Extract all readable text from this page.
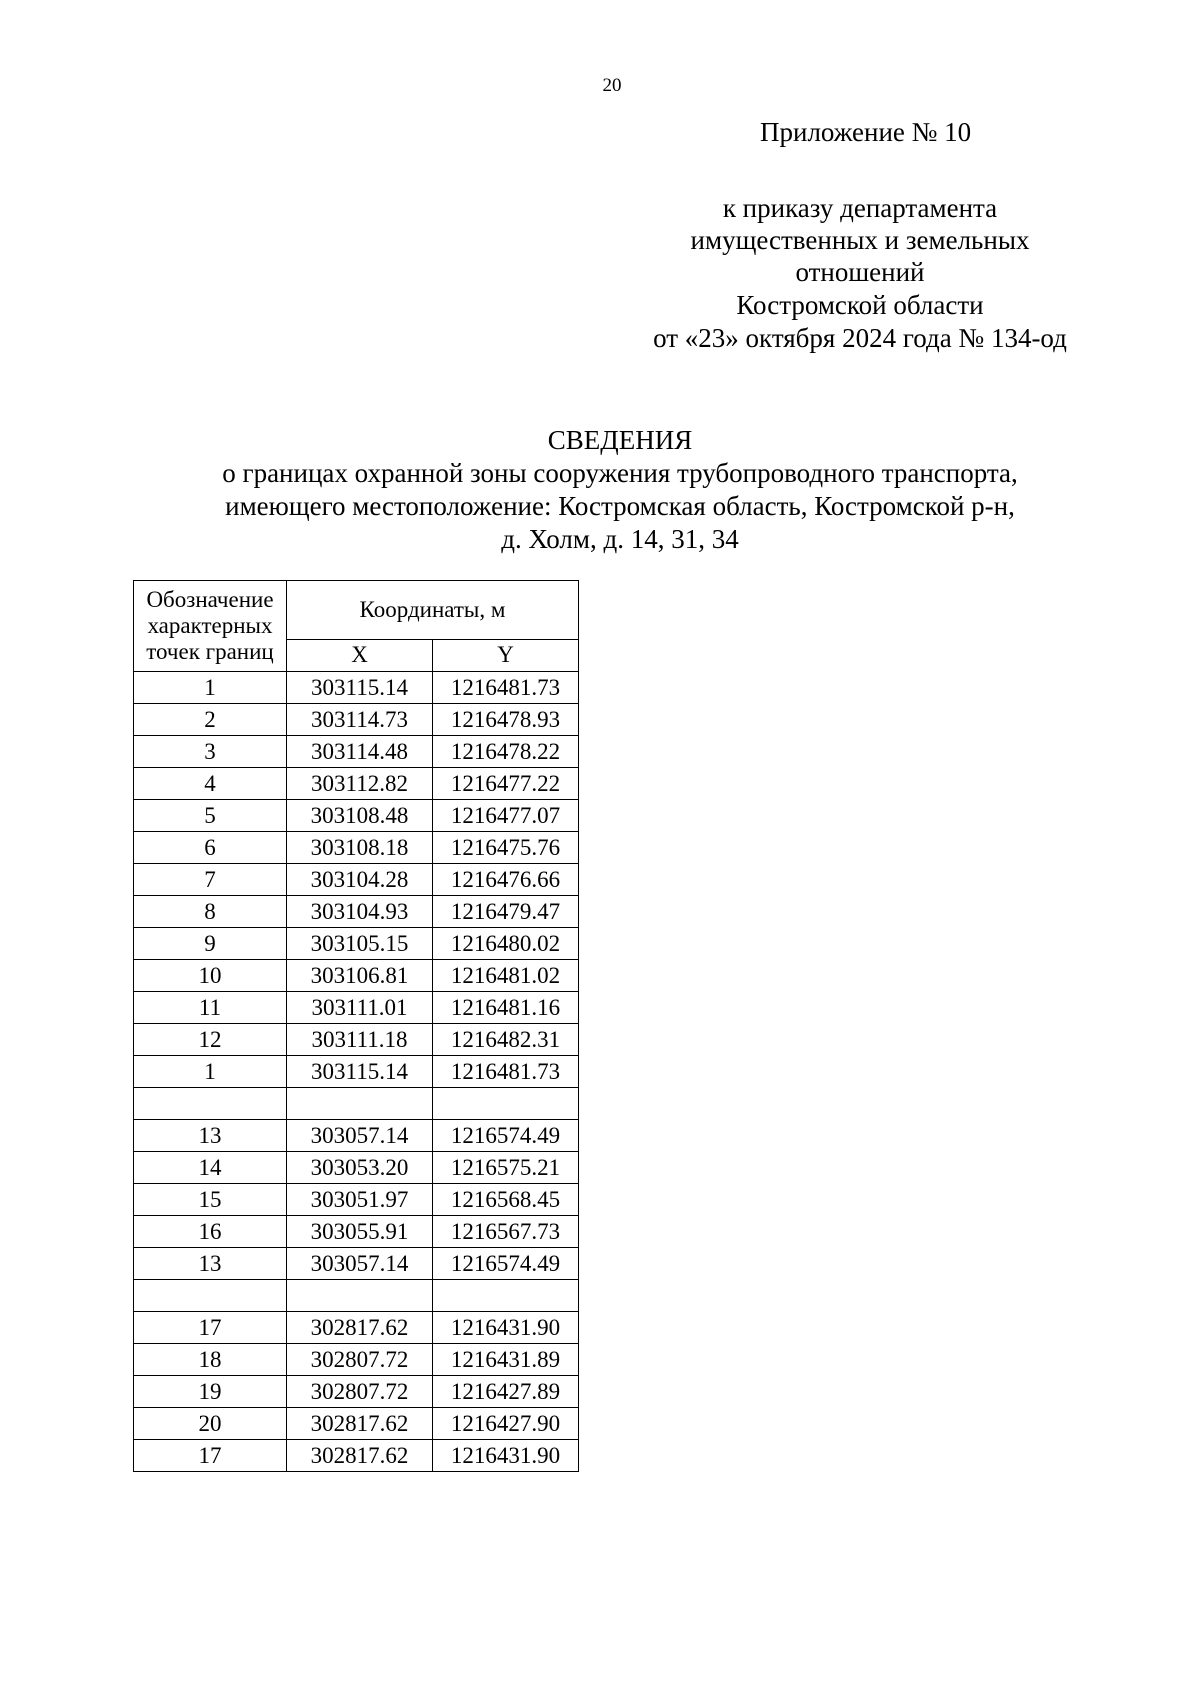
20
Приложение № 10
к приказу департамента
имущественных и земельных
отношений
Костромской области
от «23» октября 2024 года № 134-од
СВЕДЕНИЯ
о границах охранной зоны сооружения трубопроводного транспорта,
имеющего местоположение: Костромская область, Костромской р-н,
д. Холм, д. 14, 31, 34
Обозначение характерных точек границ	Координаты, м	
	X	Y
1	303115.14	1216481.73
2	303114.73	1216478.93
3	303114.48	1216478.22
4	303112.82	1216477.22
5	303108.48	1216477.07
6	303108.18	1216475.76
7	303104.28	1216476.66
8	303104.93	1216479.47
9	303105.15	1216480.02
10	303106.81	1216481.02
11	303111.01	1216481.16
12	303111.18	1216482.31
1	303115.14	1216481.73

13	303057.14	1216574.49
14	303053.20	1216575.21
15	303051.97	1216568.45
16	303055.91	1216567.73
13	303057.14	1216574.49

17	302817.62	1216431.90
18	302807.72	1216431.89
19	302807.72	1216427.89
20	302817.62	1216427.90
17	302817.62	1216431.90
